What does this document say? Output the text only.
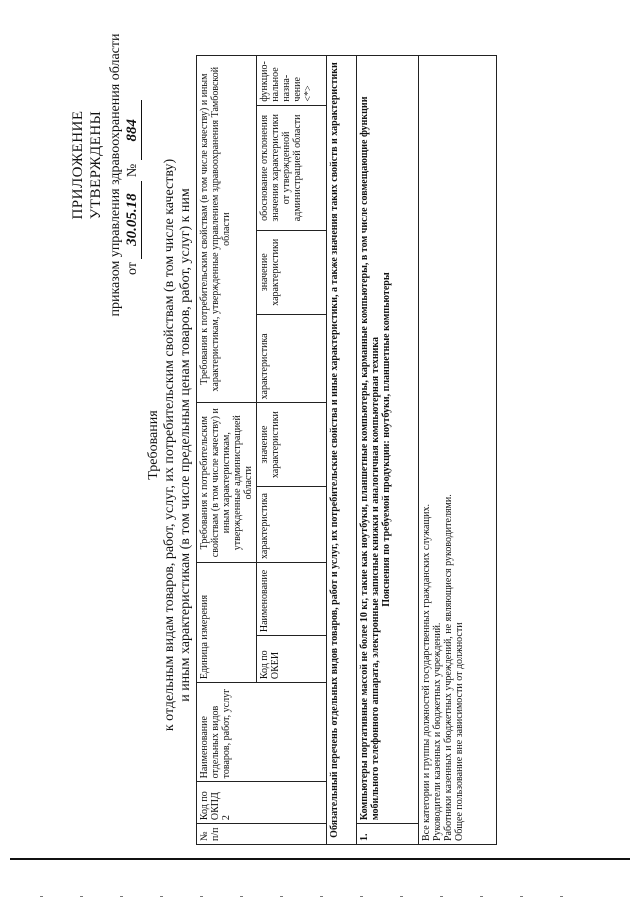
ПРИЛОЖЕНИЕ УТВЕРЖДЕНЫ приказом управления здравоохранения области от 30.05.18 № 884
Требования к отдельным видам товаров, работ, услуг, их потребительским свойствам (в том числе качеству) и иным характеристикам (в том числе предельным ценам товаров, работ, услуг) к ним
№ п/п	Код по ОКПД 2	Наименование отдельных видов товаров, работ, услуг	Единица измерения		Требования к потребительским свойствам (в том числе качеству) и иным характеристикам, утвержденные администрацией области		Требования к потребительским свойствам (в том числе качеству) и иным характеристикам, утвержденные управлением здравоохранения Тамбовской области			
			Код по ОКЕИ	Наименование	характеристика	значение характеристики	характеристика	значение характеристики	обоснование отклонения значения характеристики от утвержденной администрацией области	функцио-нальное назна-чение <*>
Обязательный перечень отдельных видов товаров, работ и услуг, их потребительские свойства и иные характеристики, а также значения таких свойств и характеристики										
1.	Компьютеры портативные массой не более 10 кг, такие как ноутбуки, планшетные компьютеры, карманные компьютеры, в том числе совмещающие функции мобильного телефонного аппарата, электронные записные книжки и аналогичная компьютерная техника Пояснения по требуемой продукции: ноутбуки, планшетные компьютеры									

Все категории и группы должностей государственных гражданских служащих. Руководители казенных и бюджетных учреждений. Работники казенных и бюджетных учреждений, не являющиеся руководителями. Общее пользование вне зависимости от должности										
